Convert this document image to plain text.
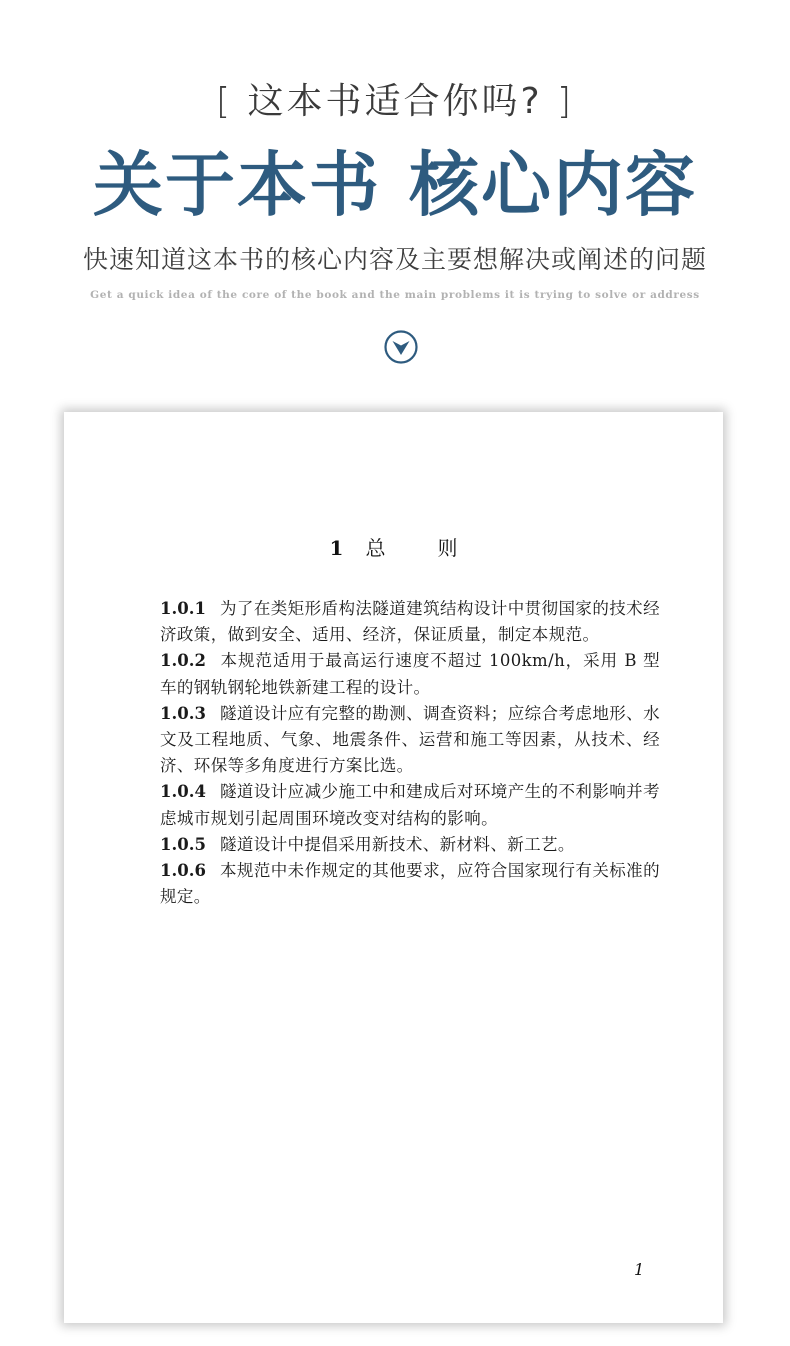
[ 这本书适合你吗? ]
关于本书 核心内容
快速知道这本书的核心内容及主要想解决或阐述的问题
Get a quick idea of the core of the book and the main problems it is trying to solve or address
1 总	则

1.0.1 为了在类矩形盾构法隧道建筑结构设计中贯彻国家的技术经济政策，做到安全、适用、经济，保证质量，制定本规范。

1.0.2 本规范适用于最高运行速度不超过 100km/h，采用 B 型车的钢轨钢轮地铁新建工程的设计。

1.0.3 隧道设计应有完整的勘测、调查资料；应综合考虑地形、水文及工程地质、气象、地震条件、运营和施工等因素，从技术、经济、环保等多角度进行方案比选。

1.0.4 隧道设计应减少施工中和建成后对环境产生的不利影响并考虑城市规划引起周围环境改变对结构的影响。

1.0.5 隧道设计中提倡采用新技术、新材料、新工艺。

1.0.6 本规范中未作规定的其他要求，应符合国家现行有关标准的规定。

1
